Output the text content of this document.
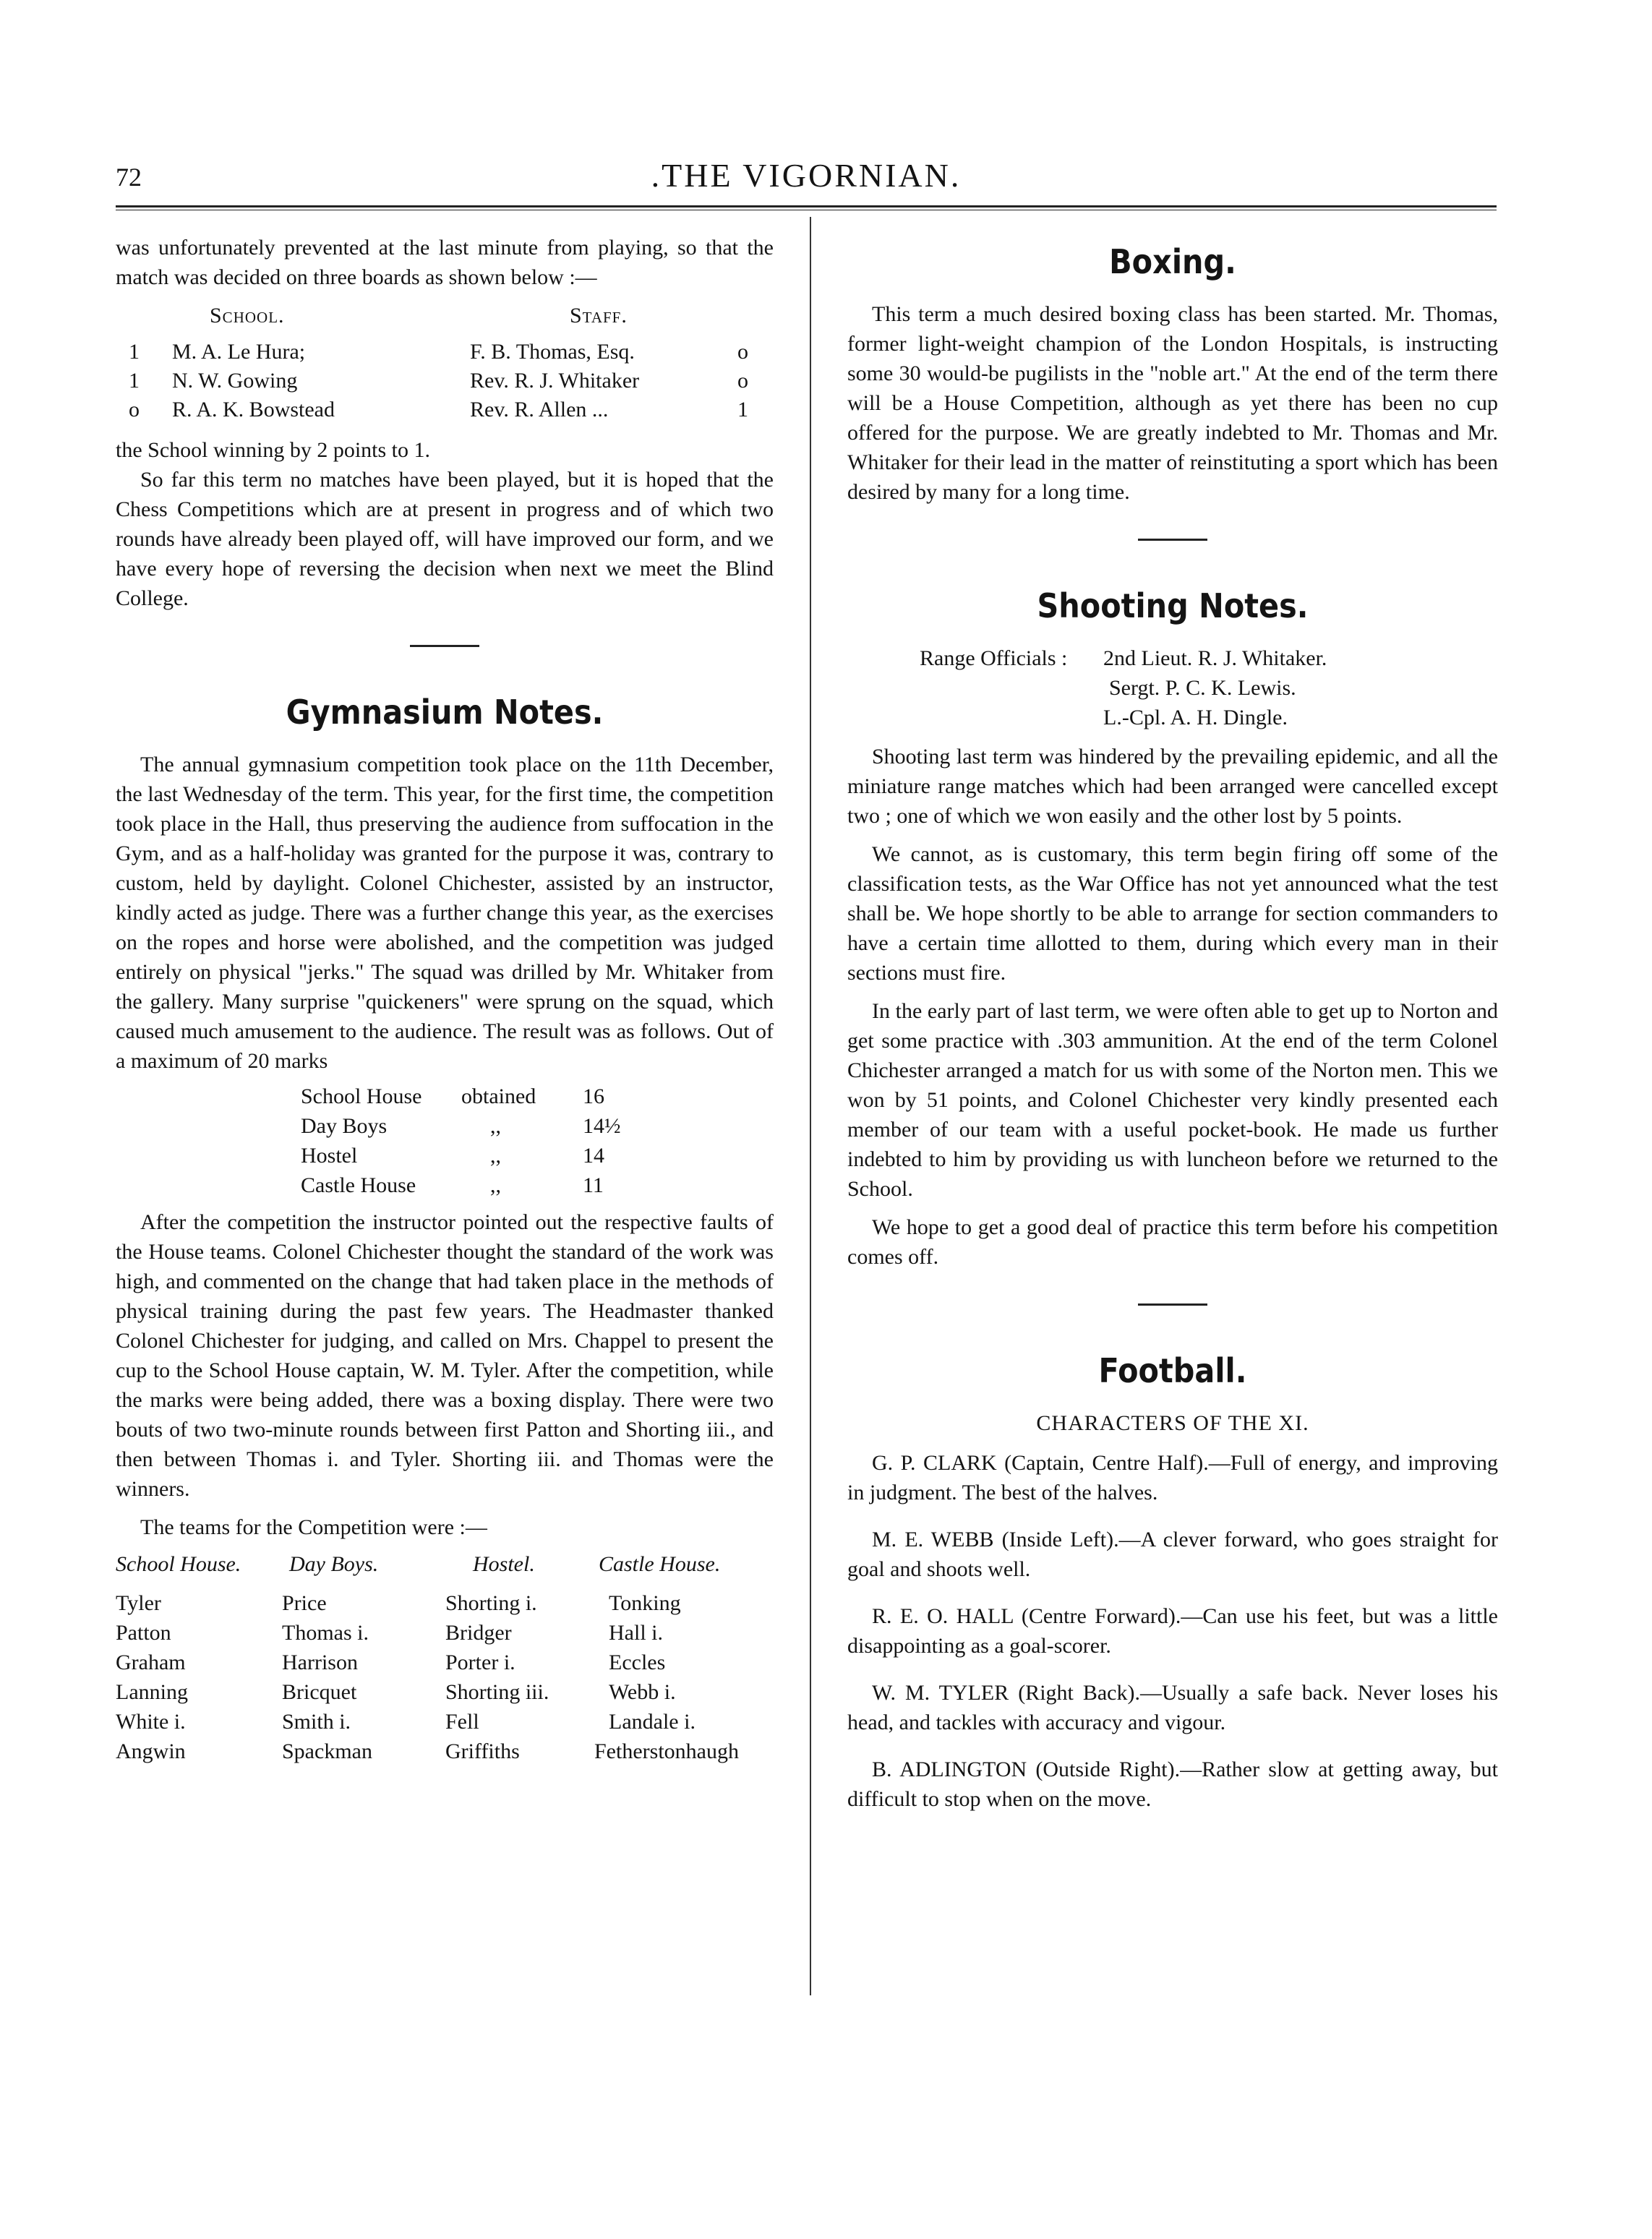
72	.THE VIGORNIAN.

was unfortunately prevented at the last minute from playing, so that the match was decided on three boards as shown below :—

School.	Staff.
1 M. A. Le Hura;	F. B. Thomas, Esq.	o
1 N. W. Gowing	Rev. R. J. Whitaker	o
o R. A. K. Bowstead	Rev. R. Allen ...	1

the School winning by 2 points to 1.

So far this term no matches have been played, but it is hoped that the Chess Competitions which are at present in progress and of which two rounds have already been played off, will have improved our form, and we have every hope of reversing the decision when next we meet the Blind College.

Gymnasium Notes.

The annual gymnasium competition took place on the 11th December, the last Wednesday of the term. This year, for the first time, the competition took place in the Hall, thus preserving the audience from suffocation in the Gym, and as a half-holiday was granted for the purpose it was, contrary to custom, held by daylight. Colonel Chichester, assisted by an instructor, kindly acted as judge. There was a further change this year, as the exercises on the ropes and horse were abolished, and the competition was judged entirely on physical "jerks." The squad was drilled by Mr. Whitaker from the gallery. Many surprise "quickeners" were sprung on the squad, which caused much amusement to the audience. The result was as follows. Out of a maximum of 20 marks

School House obtained 16
Day Boys	,,	14½
Hostel	,,	14
Castle House	,,	11

After the competition the instructor pointed out the respective faults of the House teams. Colonel Chichester thought the standard of the work was high, and commented on the change that had taken place in the methods of physical training during the past few years. The Headmaster thanked Colonel Chichester for judging, and called on Mrs. Chappel to present the cup to the School House captain, W. M. Tyler. After the competition, while the marks were being added, there was a boxing display. There were two bouts of two two-minute rounds between first Patton and Shorting iii., and then between Thomas i. and Tyler. Shorting iii. and Thomas were the winners.

The teams for the Competition were :—

School House. Day Boys.	Hostel.	Castle House.
Tyler	Price	Shorting i.	Tonking
Patton	Thomas i.	Bridger	Hall i.
Graham	Harrison	Porter i.	Eccles
Lanning	Bricquet	Shorting iii.	Webb i.
White i.	Smith i.	Fell	Landale i.
Angwin	Spackman	Griffiths	Fetherstonhaugh
Boxing.

This term a much desired boxing class has been started. Mr. Thomas, former light-weight champion of the London Hospitals, is instructing some 30 would-be pugilists in the "noble art." At the end of the term there will be a House Competition, although as yet there has been no cup offered for the purpose. We are greatly indebted to Mr. Thomas and Mr. Whitaker for their lead in the matter of reinstituting a sport which has been desired by many for a long time.

Shooting Notes.
Range Officials : 2nd Lieut. R. J. Whitaker.
Sergt. P. C. K. Lewis.
L.-Cpl. A. H. Dingle.

Shooting last term was hindered by the prevailing epidemic, and all the miniature range matches which had been arranged were cancelled except two ; one of which we won easily and the other lost by 5 points.

We cannot, as is customary, this term begin firing off some of the classification tests, as the War Office has not yet announced what the test shall be. We hope shortly to be able to arrange for section commanders to have a certain time allotted to them, during which every man in their sections must fire.

In the early part of last term, we were often able to get up to Norton and get some practice with .303 ammunition. At the end of the term Colonel Chichester arranged a match for us with some of the Norton men. This we won by 51 points, and Colonel Chichester very kindly presented each member of our team with a useful pocket-book. He made us further indebted to him by providing us with luncheon before we returned to the School.

We hope to get a good deal of practice this term before his competition comes off.

Football.
CHARACTERS OF THE XI.

G. P. CLARK (Captain, Centre Half).—Full of energy, and improving in judgment. The best of the halves.

M. E. WEBB (Inside Left).—A clever forward, who goes straight for goal and shoots well.

R. E. O. HALL (Centre Forward).—Can use his feet, but was a little disappointing as a goal-scorer.

W. M. TYLER (Right Back).—Usually a safe back. Never loses his head, and tackles with accuracy and vigour.

B. ADLINGTON (Outside Right).—Rather slow at getting away, but difficult to stop when on the move.
